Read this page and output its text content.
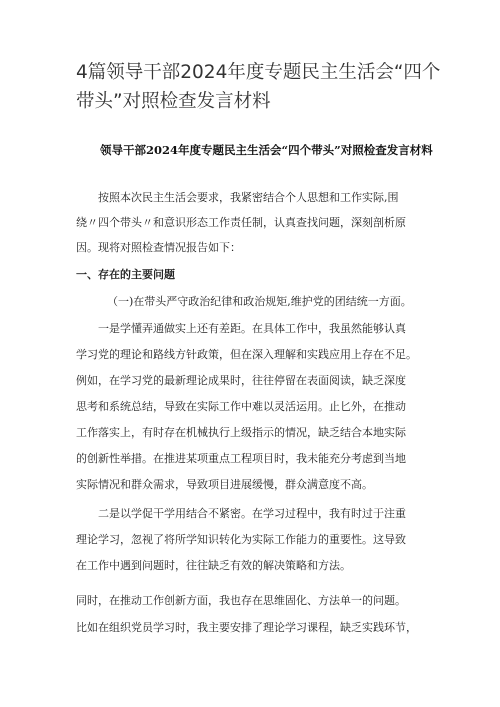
4篇领导干部2024年度专题民主生活会“四个带头”对照检查发言材料
领导干部2024年度专题民主生活会“四个带头”对照检查发言材料
按照本次民主生活会要求，我紧密结合个人思想和工作实际,围
绕〃四个带头〃和意识形态工作责任制，认真查找问题，深刻剖析原
因。现将对照检查情况报告如下：
一、存在的主要问题
（一)在带头严守政治纪律和政治规矩,维护党的团结统一方面。
一是学懂弄通做实上还有差距。在具体工作中，我虽然能够认真
学习党的理论和路线方针政策，但在深入理解和实践应用上存在不足。
例如，在学习党的最新理论成果时，往往停留在表面阅读，缺乏深度
思考和系统总结，导致在实际工作中难以灵活运用。止匕外，在推动
工作落实上，有时存在机械执行上级指示的情况，缺乏结合本地实际
的创新性举措。在推进某项重点工程项目时，我未能充分考虑到当地
实际情况和群众需求，导致项目进展缓慢，群众满意度不高。
二是以学促干学用结合不紧密。在学习过程中，我有时过于注重
理论学习，忽视了将所学知识转化为实际工作能力的重要性。这导致
在工作中遇到问题时，往往缺乏有效的解决策略和方法。
同时，在推动工作创新方面，我也存在思维固化、方法单一的问题。
比如在组织党员学习时，我主要安排了理论学习课程，缺乏实践环节，
